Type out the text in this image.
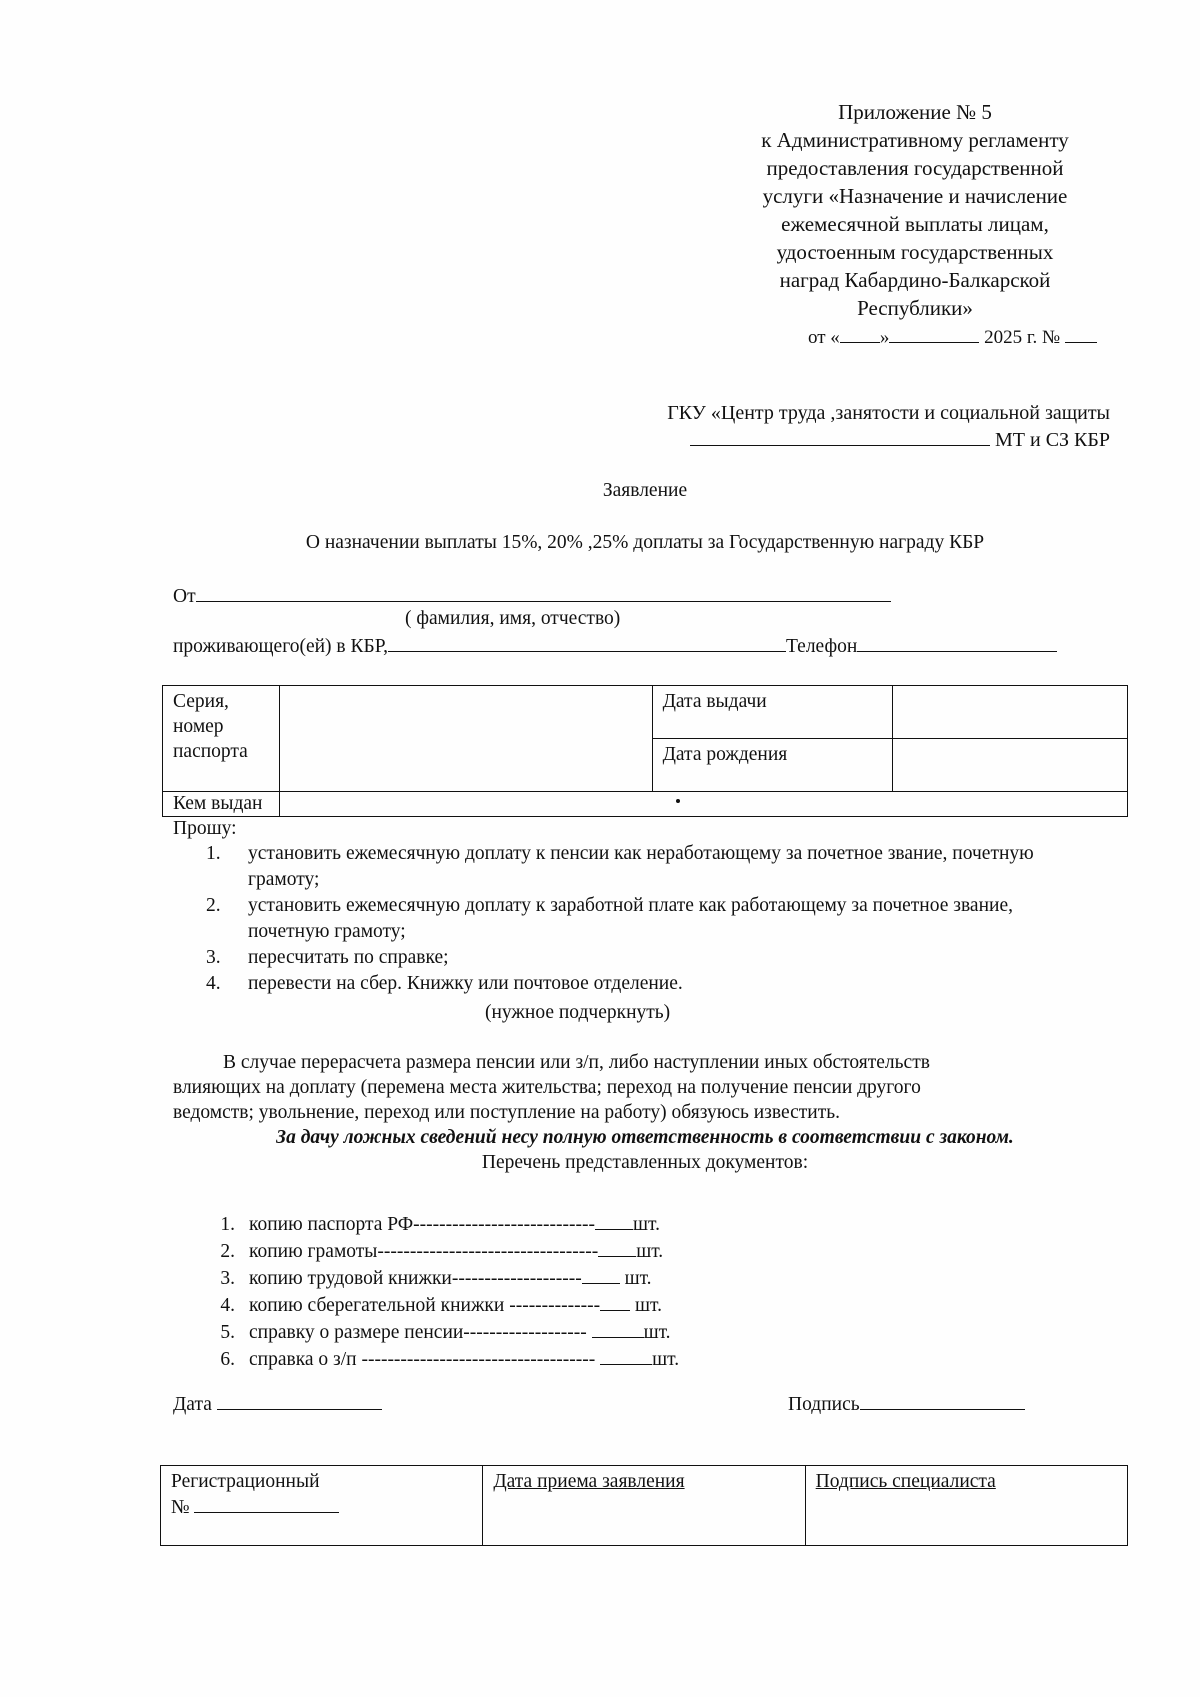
Приложение № 5
к Административному регламенту
предоставления государственной
услуги «Назначение и начисление
ежемесячной выплаты лицам,
удостоенным государственных
наград Кабардино-Балкарской
Республики»
от « »	2025 г. №
ГКУ «Центр труда ,занятости и социальной защиты
МТ и СЗ КБР
Заявление
О назначении выплаты 15%, 20% ,25% доплаты за Государственную награду КБР
От
( фамилия, имя, отчество)
проживающего(ей) в КБР,	Телефон
Серия, номер паспорта		Дата выдачи	
		Дата рождения	
Кем выдан			
Прошу:
1. установить ежемесячную доплату к пенсии как неработающему за почетное звание, почетную грамоту;
2. установить ежемесячную доплату к заработной плате как работающему за почетное звание, почетную грамоту;
3. пересчитать по справке;
4. перевести на сбер. Книжку или почтовое отделение.
(нужное подчеркнуть)
В случае перерасчета размера пенсии или з/п, либо наступлении иных обстоятельств
влияющих на доплату (перемена места жительства; переход на получение пенсии другого
ведомств; увольнение, переход или поступление на работу) обязуюсь известить.
За дачу ложных сведений несу полную ответственность в соответствии с законом.
Перечень представленных документов:
1. копию паспорта РФ---------------------------- шт.
2. копию грамоты---------------------------------- шт.
3. копию трудовой книжки-------------------- шт.
4. копию сберегательной книжки -------------- шт.
5. справку о размере пенсии-------------------	шт.
6. справка о з/п ------------------------------------	шт.
Дата	Подпись
Регистрационный
№
	Дата приема заявления	Подпись специалиста
